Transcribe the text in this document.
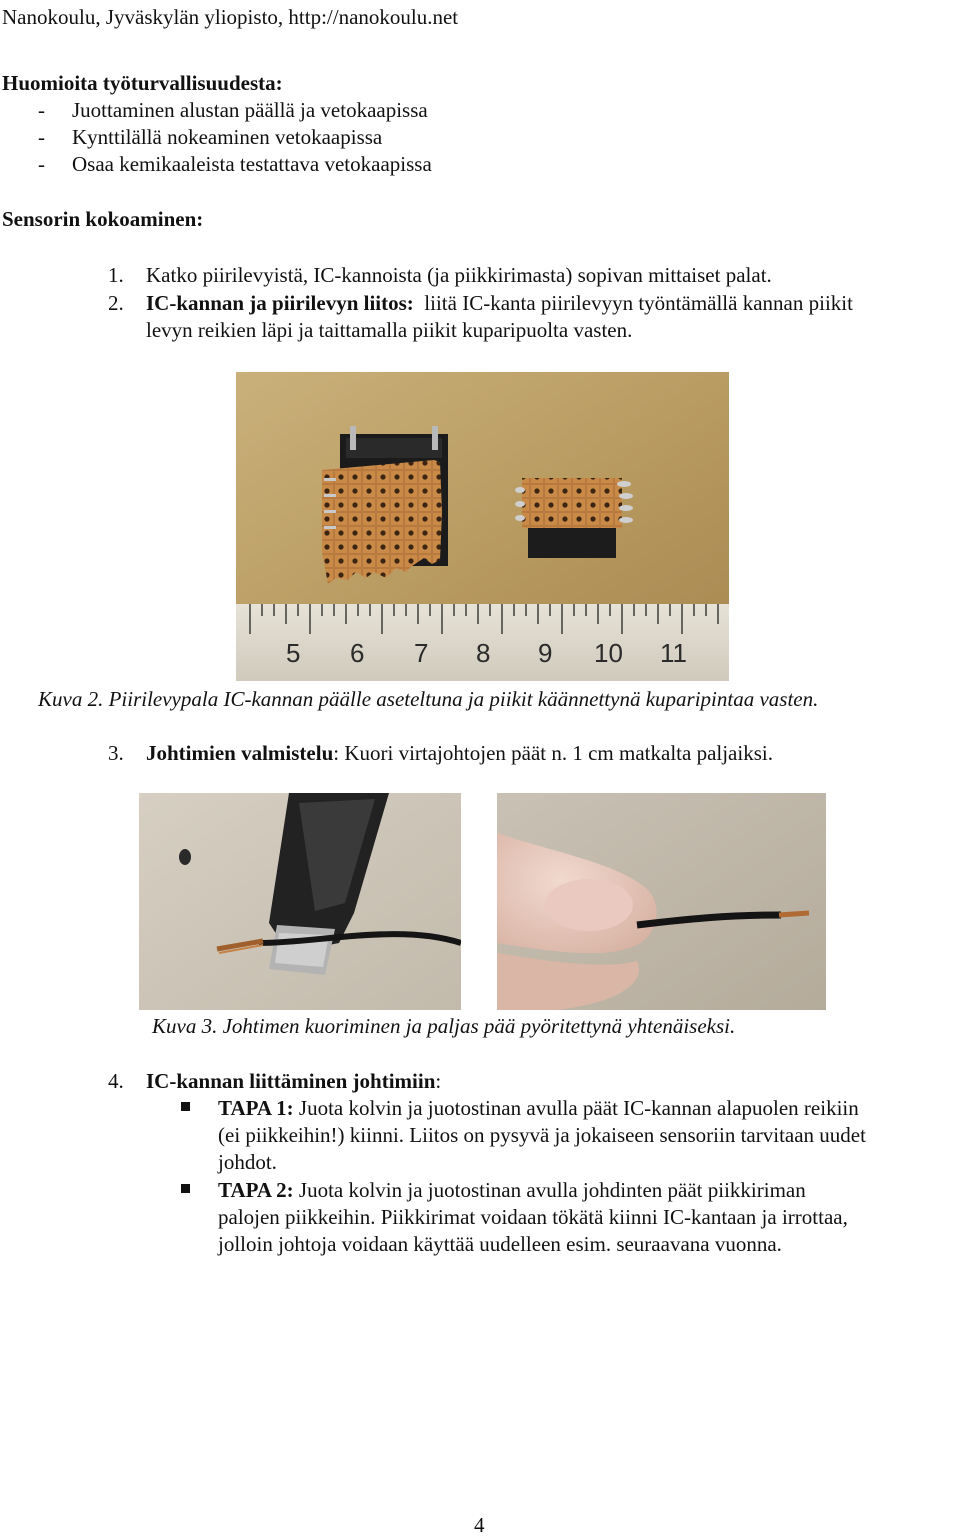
Nanokoulu, Jyväskylän yliopisto, http://nanokoulu.net
Huomioita työturvallisuudesta:
- Juottaminen alustan päällä ja vetokaapissa
- Kynttilällä nokeaminen vetokaapissa
- Osaa kemikaaleista testattava vetokaapissa
Sensorin kokoaminen:
1. Katko piirilevyistä, IC-kannoista (ja piikkirimasta) sopivan mittaiset palat.
2. IC-kannan ja piirilevyn liitos: liitä IC-kanta piirilevyyn työntämällä kannan piikit
levyn reikien läpi ja taittamalla piikit kuparipuolta vasten.
5 6 7 8 9 10 11
Kuva 2. Piirilevypala IC-kannan päälle aseteltuna ja piikit käännettynä kuparipintaa vasten.
3. Johtimien valmistelu: Kuori virtajohtojen päät n. 1 cm matkalta paljaiksi.
Kuva 3. Johtimen kuoriminen ja paljas pää pyöritettynä yhtenäiseksi.
4. IC-kannan liittäminen johtimiin:
TAPA 1: Juota kolvin ja juotostinan avulla päät IC-kannan alapuolen reikiin
(ei piikkeihin!) kiinni. Liitos on pysyvä ja jokaiseen sensoriin tarvitaan uudet
johdot.
TAPA 2: Juota kolvin ja juotostinan avulla johdinten päät piikkiriman
palojen piikkeihin. Piikkirimat voidaan tökätä kiinni IC-kantaan ja irrottaa,
jolloin johtoja voidaan käyttää uudelleen esim. seuraavana vuonna.
4
